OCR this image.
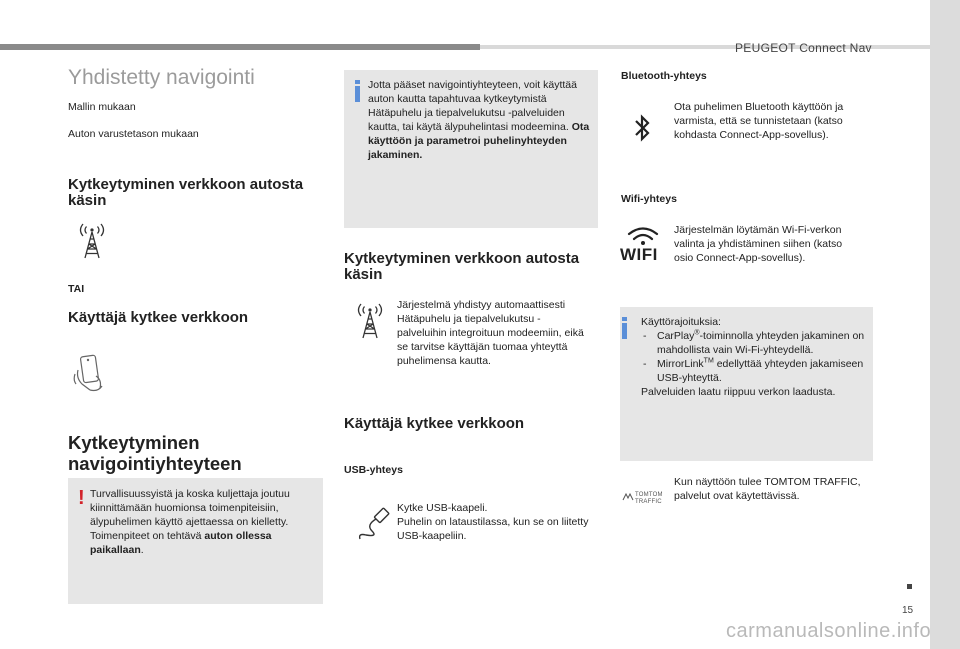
PEUGEOT Connect Nav
Yhdistetty navigointi
Mallin mukaan
Auton varustetason mukaan
Kytkeytyminen verkkoon autosta käsin
TAI
Käyttäjä kytkee verkkoon
Kytkeytyminen navigointiyhteyteen
! Turvallisuussyistä ja koska kuljettaja joutuu kiinnittämään huomionsa toimenpiteisiin, älypuhelimen käyttö ajettaessa on kielletty. Toimenpiteet on tehtävä auton ollessa paikallaan.
Jotta pääset navigointiyhteyteen, voit käyttää auton kautta tapahtuvaa kytkeytymistä Hätäpuhelu ja tiepalvelukutsu -palveluiden kautta, tai käytä älypuhelintasi modeemina. Ota käyttöön ja parametroi puhelinyhteyden jakaminen.
Kytkeytyminen verkkoon autosta käsin
Järjestelmä yhdistyy automaattisesti Hätäpuhelu ja tiepalvelukutsu -palveluihin integroituun modeemiin, eikä se tarvitse käyttäjän tuomaa yhteyttä puhelimensa kautta.
Käyttäjä kytkee verkkoon
USB-yhteys
Kytke USB-kaapeli.
Puhelin on lataustilassa, kun se on liitetty USB-kaapeliin.
Bluetooth-yhteys
Ota puhelimen Bluetooth käyttöön ja varmista, että se tunnistetaan (katso kohdasta Connect-App-sovellus).
Wifi-yhteys
WIFI
Järjestelmän löytämän Wi-Fi-verkon valinta ja yhdistäminen siihen (katso osio Connect-App-sovellus).
Käyttörajoituksia:
- CarPlay®-toiminnolla yhteyden jakaminen on mahdollista vain Wi-Fi-yhteydellä.
- MirrorLink™ edellyttää yhteyden jakamiseen USB-yhteyttä.
Palveluiden laatu riippuu verkon laadusta.
TOMTOM
TRAFFIC
Kun näyttöön tulee TOMTOM TRAFFIC, palvelut ovat käytettävissä.
15
carmanualsonline.info
